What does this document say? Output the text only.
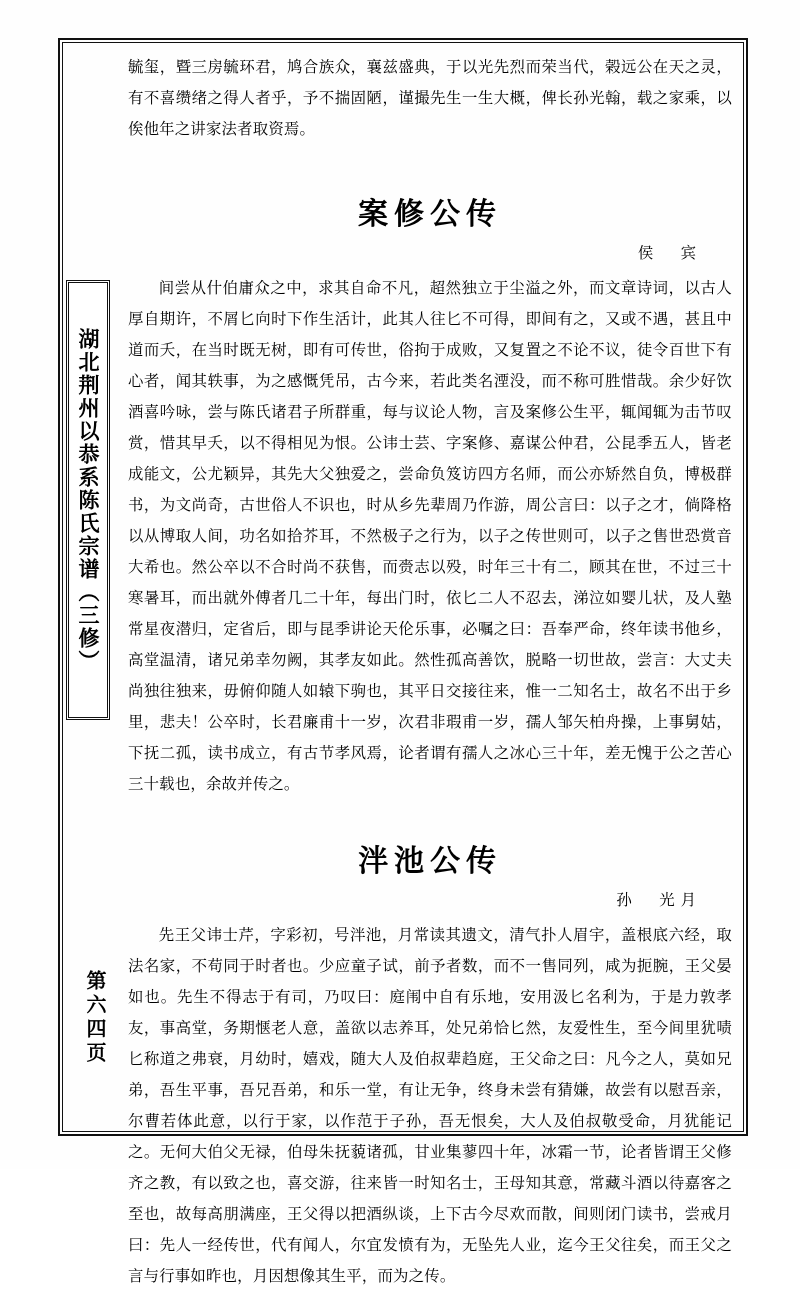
湖北荆州以恭系陈氏宗谱（三修）
第六四页

毓玺，暨三房毓环君，鸠合族众，襄兹盛典，于以光先烈而荣当代，榖远公在天之灵，有不喜缵绪之得人者乎，予不揣固陋，谨撮先生一生大概，俾长孙光翰，载之家乘，以俟他年之讲家法者取资焉。

案修公传
侯　宾

间尝从什伯庸众之中，求其自命不凡，超然独立于尘溢之外，而文章诗词，以古人厚自期许，不屑匕向时下作生活计，此其人往匕不可得，即间有之，又或不遇，甚且中道而夭，在当时既无树，即有可传世，俗拘于成败，又复置之不论不议，徒令百世下有心者，闻其轶事，为之感慨凭吊，古今来，若此类名湮没，而不称可胜惜哉。余少好饮酒喜吟咏，尝与陈氏诸君子所群重，每与议论人物，言及案修公生平，辄闻辄为击节叹赏，惜其早夭，以不得相见为恨。公讳士芸、字案修、嘉谋公仲君，公昆季五人，皆老成能文，公尤颖异，其先大父独爱之，尝命负笈访四方名师，而公亦矫然自负，博极群书，为文尚奇，古世俗人不识也，时从乡先辈周乃作游，周公言曰：以子之才，倘降格以从博取人间，功名如拾芥耳，不然极子之行为，以子之传世则可，以子之售世恐赏音大希也。然公卒以不合时尚不获售，而赍志以殁，时年三十有二，顾其在世，不过三十寒暑耳，而出就外傅者几二十年，每出门时，依匕二人不忍去，涕泣如婴儿状，及人塾常星夜潜归，定省后，即与昆季讲论天伦乐事，必嘱之曰：吾奉严命，终年读书他乡，高堂温清，诸兄弟幸勿阙，其孝友如此。然性孤高善饮，脱略一切世故，尝言：大丈夫尚独往独来，毋俯仰随人如辕下驹也，其平日交接往来，惟一二知名士，故名不出于乡里，悲夫！公卒时，长君廉甫十一岁，次君非瑕甫一岁，孺人邹矢柏舟操，上事舅姑，下抚二孤，读书成立，有古节孝风焉，论者谓有孺人之冰心三十年，差无愧于公之苦心三十载也，余故并传之。

泮池公传
孙　光月

先王父讳士芹，字彩初，号泮池，月常读其遗文，清气扑人眉宇，盖根底六经，取法名家，不苟同于时者也。少应童子试，前予者数，而不一售同列，咸为扼腕，王父晏如也。先生不得志于有司，乃叹曰：庭闱中自有乐地，安用汲匕名利为，于是力敦孝友，事高堂，务期惬老人意，盖欲以志养耳，处兄弟恰匕然，友爱性生，至今间里犹啧匕称道之弗衰，月幼时，嬉戏，随大人及伯叔辈趋庭，王父命之曰：凡今之人，莫如兄弟，吾生平事，吾兄吾弟，和乐一堂，有让无争，终身未尝有猜嫌，故尝有以慰吾亲，尔曹若体此意，以行于家，以作范于子孙，吾无恨矣，大人及伯叔敬受命，月犹能记之。无何大伯父无禄，伯母朱抚藐诸孤，甘业集蓼四十年，冰霜一节，论者皆谓王父修齐之教，有以致之也，喜交游，往来皆一时知名士，王母知其意，常藏斗酒以待嘉客之至也，故每高朋满座，王父得以把酒纵谈，上下古今尽欢而散，间则闭门读书，尝戒月曰：先人一经传世，代有闻人，尔宜发愤有为，无坠先人业，迄今王父往矣，而王父之言与行事如昨也，月因想像其生平，而为之传。
